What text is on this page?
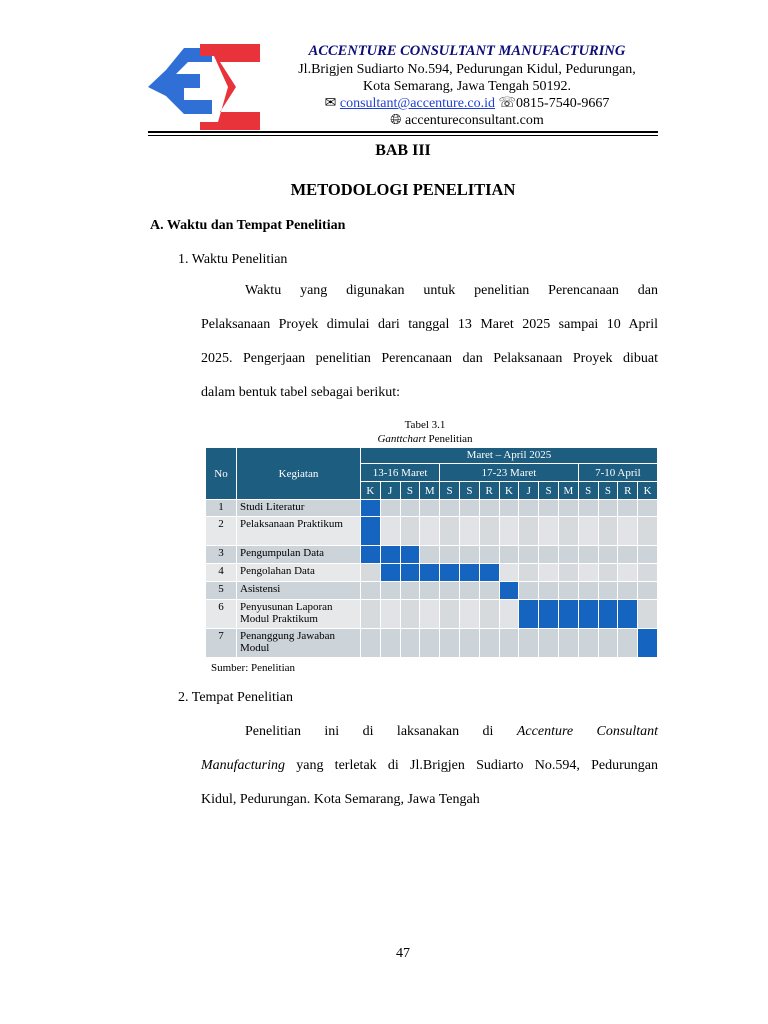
ACCENTURE CONSULTANT MANUFACTURING
Jl.Brigjen Sudiarto No.594, Pedurungan Kidul, Pedurungan,
Kota Semarang, Jawa Tengah 50192.
✉ consultant@accenture.co.id ☏0815-7540-9667
🌐︎ accentureconsultant.com
BAB III
METODOLOGI PENELITIAN
A. Waktu dan Tempat Penelitian
1. Waktu Penelitian
Waktu yang digunakan untuk penelitian Perencanaan dan
Pelaksanaan Proyek dimulai dari tanggal 13 Maret 2025 sampai 10 April
2025. Pengerjaan penelitian Perencanaan dan Pelaksanaan Proyek dibuat
dalam bentuk tabel sebagai berikut:
Tabel 3.1
Ganttchart Penelitian
No	Kegiatan
Maret – April 2025
13-16 Maret	17-23 Maret	7-10 April
K	J	S	M	S	S	R	K	J	S	M	S	S	R	K
1	Studi Literatur
2	Pelaksanaan Praktikum
3	Pengumpulan Data
4	Pengolahan Data
5	Asistensi
6	Penyusunan Laporan Modul Praktikum
7	Penanggung Jawaban Modul
Sumber: Penelitian
2. Tempat Penelitian
Penelitian ini di laksanakan di Accenture Consultant
Manufacturing yang terletak di Jl.Brigjen Sudiarto No.594, Pedurungan
Kidul, Pedurungan. Kota Semarang, Jawa Tengah
47
